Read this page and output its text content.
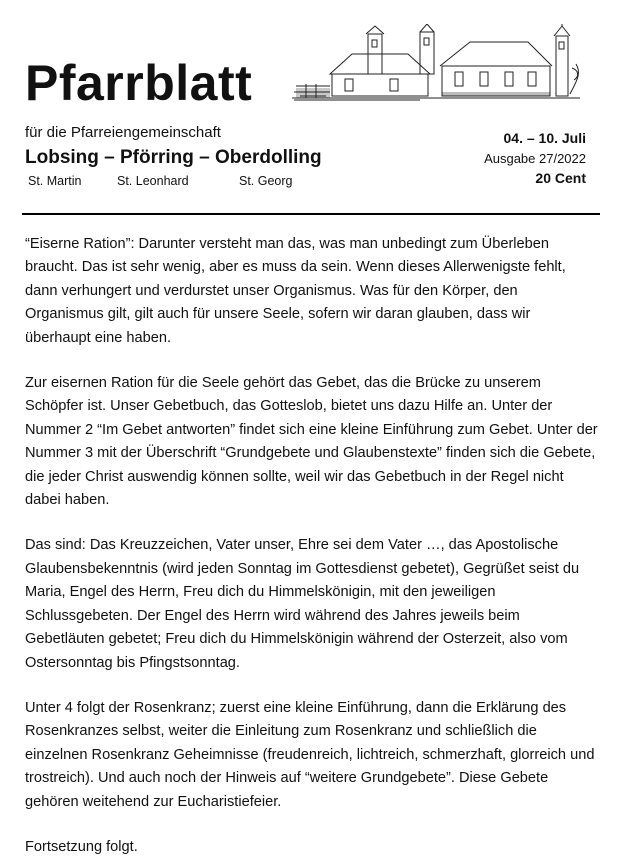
Pfarrblatt
für die Pfarreiengemeinschaft
Lobsing – Pförring – Oberdolling
St. Martin	St. Leonhard	St. Georg
04. – 10. Juli
Ausgabe 27/2022
20 Cent

“Eiserne Ration”: Darunter versteht man das, was man unbedingt zum Überleben braucht. Das ist sehr wenig, aber es muss da sein. Wenn dieses Allerwenigste fehlt, dann verhungert und verdurstet unser Organismus. Was für den Körper, den Organismus gilt, gilt auch für unsere Seele, sofern wir daran glauben, dass wir überhaupt eine haben.

Zur eisernen Ration für die Seele gehört das Gebet, das die Brücke zu unserem Schöpfer ist. Unser Gebetbuch, das Gotteslob, bietet uns dazu Hilfe an. Unter der Nummer 2 “Im Gebet antworten” findet sich eine kleine Einführung zum Gebet. Unter der Nummer 3 mit der Überschrift “Grundgebete und Glaubenstexte” finden sich die Gebete, die jeder Christ auswendig können sollte, weil wir das Gebetbuch in der Regel nicht dabei haben.

Das sind: Das Kreuzzeichen, Vater unser, Ehre sei dem Vater …, das Apostolische Glaubensbekenntnis (wird jeden Sonntag im Gottesdienst gebetet), Gegrüßet seist du Maria, Engel des Herrn, Freu dich du Himmelskönigin, mit den jeweiligen Schlussgebeten. Der Engel des Herrn wird während des Jahres jeweils beim Gebetläuten gebetet; Freu dich du Himmelskönigin während der Osterzeit, also vom Ostersonntag bis Pfingstsonntag.

Unter 4 folgt der Rosenkranz; zuerst eine kleine Einführung, dann die Erklärung des Rosenkranzes selbst, weiter die Einleitung zum Rosenkranz und schließlich die einzelnen Rosenkranz Geheimnisse (freudenreich, lichtreich, schmerzhaft, glorreich und trostreich). Und auch noch der Hinweis auf “weitere Grundgebete”. Diese Gebete gehören weitehend zur Eucharistiefeier.

Fortsetzung folgt.
